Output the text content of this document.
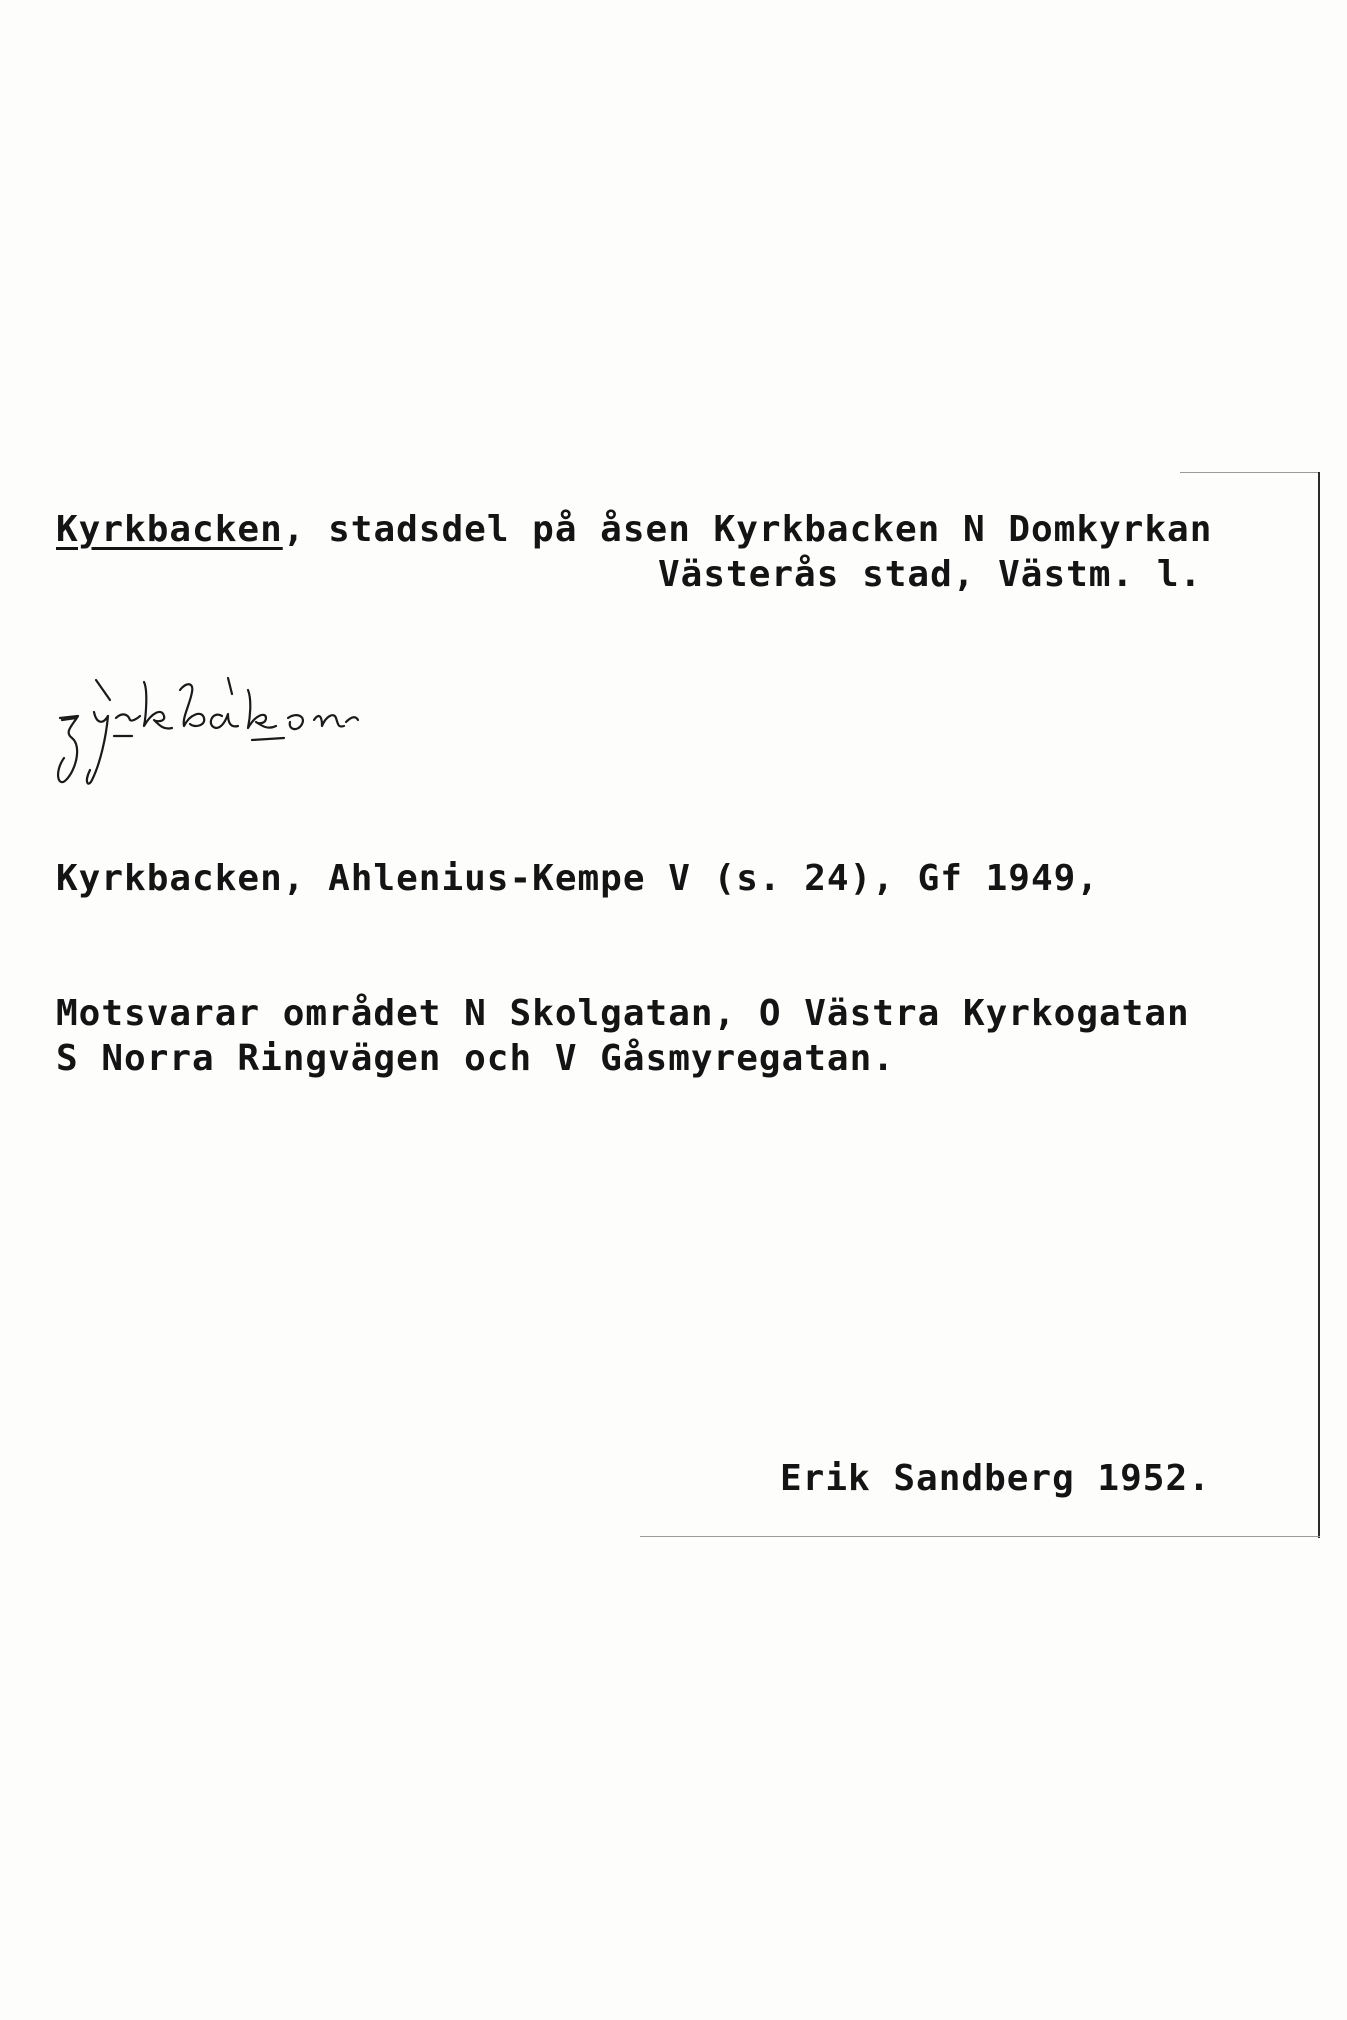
Kyrkbacken, stadsdel på åsen Kyrkbacken N Domkyrkan
Västerås stad, Västm. l.
Kyrkbacken, Ahlenius-Kempe V (s. 24), Gf 1949,
Motsvarar området N Skolgatan, O Västra Kyrkogatan
S Norra Ringvägen och V Gåsmyregatan.
Erik Sandberg 1952.
